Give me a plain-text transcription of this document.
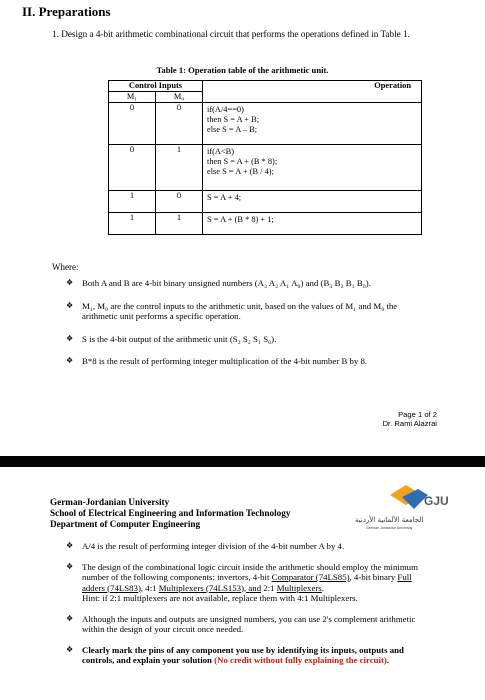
II. Preparations
1. Design a 4-bit arithmetic combinational circuit that performs the operations defined in Table 1.
Table 1: Operation table of the arithmetic unit.
Control Inputs		Operation
M₁	M₀	
0	0	if(A/4==0)
then S = A + B;
else S = A – B;

0	1	if(A<B)
then S = A + (B * 8);
else S = A + (B / 4);

1	0	S = A + 4;

1	1	S = A + (B * 8) + 1;
Where:
❖ Both A and B are 4-bit binary unsigned numbers (A₃ A₂ A₁ A₀) and (B₃ B₂ B₁ B₀).
❖ M₁, M₀ are the control inputs to the arithmetic unit, based on the values of M₁ and M₀ the arithmetic unit performs a specific operation.
❖ S is the 4-bit output of the arithmetic unit (S₃ S₂ S₁ S₀).
❖ B*8 is the result of performing integer multiplication of the 4-bit number B by 8.
Page 1 of 2
Dr. Rami Alazrai
German-Jordanian University
School of Electrical Engineering and Information Technology
Department of Computer Engineering
GJU
الجامعة الألمانية الأردنية
German Jordanian University
❖ A/4 is the result of performing integer division of the 4-bit number A by 4.
❖ The design of the combinational logic circuit inside the arithmetic should employ the minimum number of the following components: invertors, 4-bit Comparator (74LS85), 4-bit binary Full adders (74LS83), 4:1 Multiplexers (74LS153), and 2:1 Multiplexers.
Hint: if 2:1 multiplexers are not available, replace them with 4:1 Multiplexers.
❖ Although the inputs and outputs are unsigned numbers, you can use 2's complement arithmetic within the design of your circuit once needed.
❖ Clearly mark the pins of any component you use by identifying its inputs, outputs and controls, and explain your solution (No credit without fully explaining the circuit).
